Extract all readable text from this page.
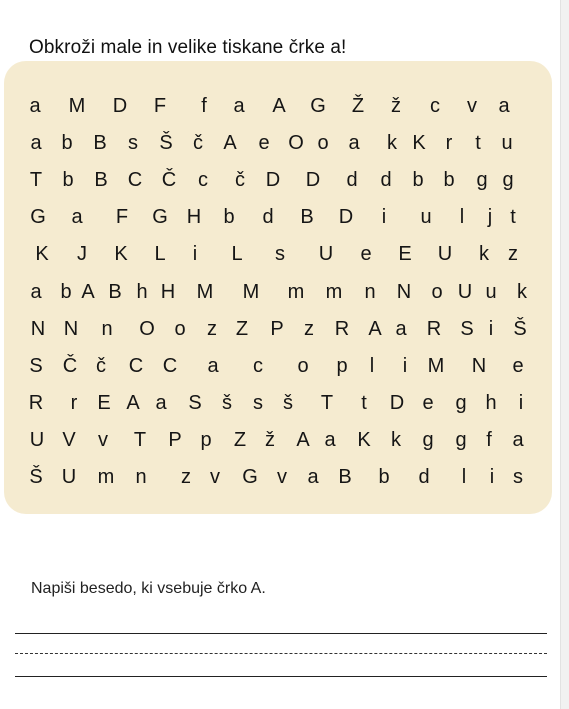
Obkroži male in velike tiskane črke a!
a M D F f a A G Ž ž c v a
a b B s Š č A e O o a k K r t u
T b B C Č c č D D d d b b g g
G a F G H b d B D i u l j t
K J K L i L s U e E U k z
a b A B h H M M m m n N o U u k
N N n O o z Z P z R A a R S i Š
S Č č C C a c o p l i M N e
R r E A a S š s š T t D e g h i
U V v T P p Z ž A a K k g g f a
Š U m n z v G v a B b d l i s
Napiši besedo, ki vsebuje črko A.
